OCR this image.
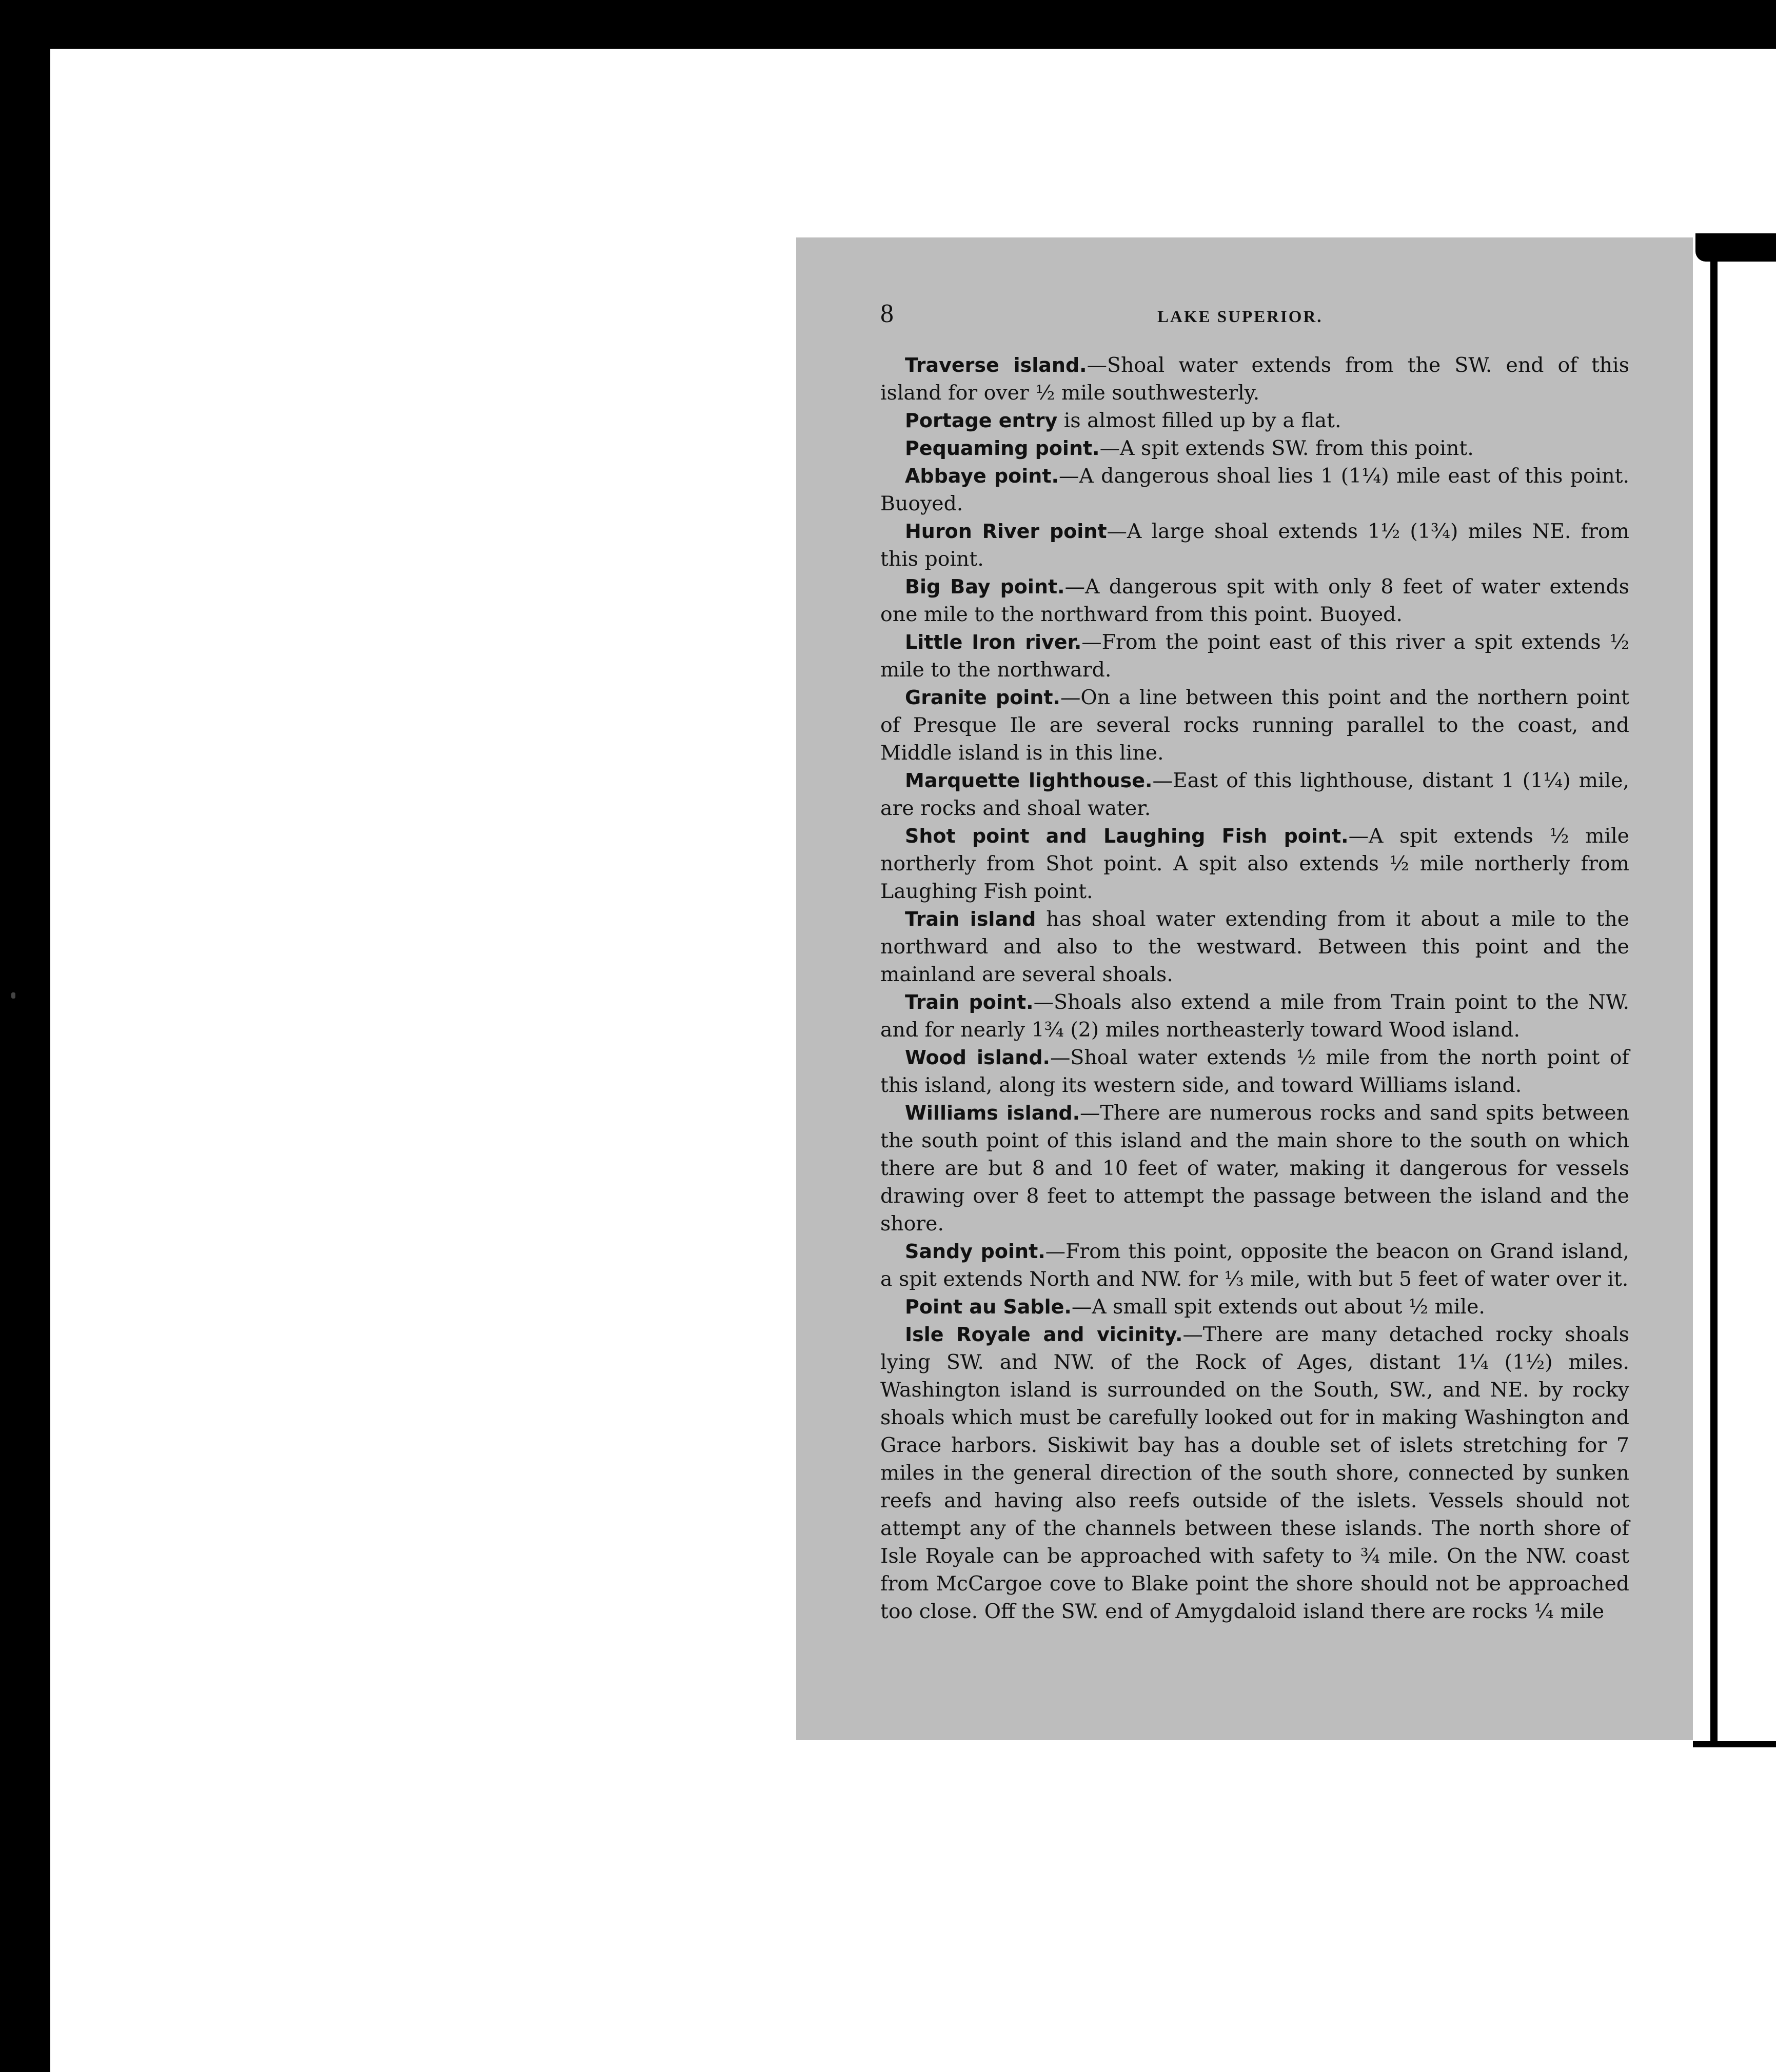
8	LAKE SUPERIOR.

Traverse island.—Shoal water extends from the SW. end of this island for over ½ mile southwesterly.

Portage entry is almost filled up by a flat.

Pequaming point.—A spit extends SW. from this point.

Abbaye point.—A dangerous shoal lies 1 (1¼) mile east of this point. Buoyed.

Huron River point—A large shoal extends 1½ (1¾) miles NE. from this point.

Big Bay point.—A dangerous spit with only 8 feet of water extends one mile to the northward from this point. Buoyed.

Little Iron river.—From the point east of this river a spit extends ½ mile to the northward.

Granite point.—On a line between this point and the northern point of Presque Ile are several rocks running parallel to the coast, and Middle island is in this line.

Marquette lighthouse.—East of this lighthouse, distant 1 (1¼) mile, are rocks and shoal water.

Shot point and Laughing Fish point.—A spit extends ½ mile northerly from Shot point. A spit also extends ½ mile northerly from Laughing Fish point.

Train island has shoal water extending from it about a mile to the northward and also to the westward. Between this point and the mainland are several shoals.

Train point.—Shoals also extend a mile from Train point to the NW. and for nearly 1¾ (2) miles northeasterly toward Wood island.

Wood island.—Shoal water extends ½ mile from the north point of this island, along its western side, and toward Williams island.

Williams island.—There are numerous rocks and sand spits between the south point of this island and the main shore to the south on which there are but 8 and 10 feet of water, making it dangerous for vessels drawing over 8 feet to attempt the passage between the island and the shore.

Sandy point.—From this point, opposite the beacon on Grand island, a spit extends North and NW. for ⅓ mile, with but 5 feet of water over it.

Point au Sable.—A small spit extends out about ½ mile.

Isle Royale and vicinity.—There are many detached rocky shoals lying SW. and NW. of the Rock of Ages, distant 1¼ (1½) miles. Washington island is surrounded on the South, SW., and NE. by rocky shoals which must be carefully looked out for in making Washington and Grace harbors. Siskiwit bay has a double set of islets stretching for 7 miles in the general direction of the south shore, connected by sunken reefs and having also reefs outside of the islets. Vessels should not attempt any of the channels between these islands. The north shore of Isle Royale can be approached with safety to ¾ mile. On the NW. coast from McCargoe cove to Blake point the shore should not be approached too close. Off the SW. end of Amygdaloid island there are rocks ¼ mile
